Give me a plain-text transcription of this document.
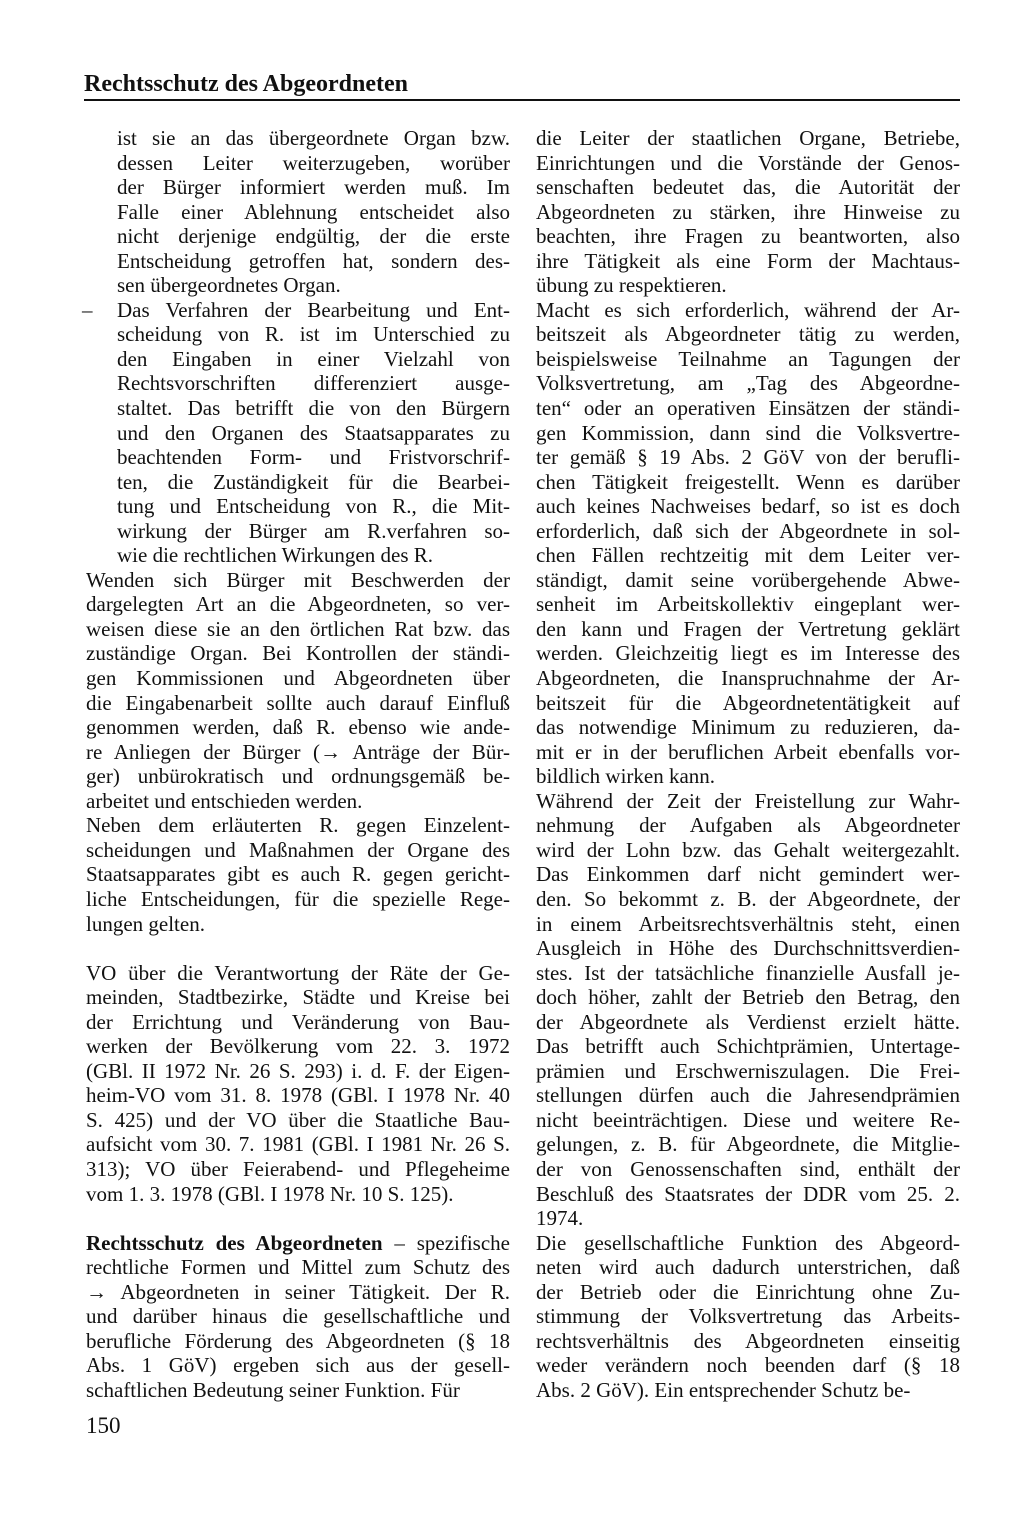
Rechtsschutz des Abgeordneten
ist sie an das übergeordnete Organ bzw.
dessen Leiter weiterzugeben, worüber
der Bürger informiert werden muß. Im
Falle einer Ablehnung entscheidet also
nicht derjenige endgültig, der die erste
Entscheidung getroffen hat, sondern des-
sen übergeordnetes Organ.
– Das Verfahren der Bearbeitung und Ent-
scheidung von R. ist im Unterschied zu
den Eingaben in einer Vielzahl von
Rechtsvorschriften differenziert ausge-
staltet. Das betrifft die von den Bürgern
und den Organen des Staatsapparates zu
beachtenden Form- und Fristvorschrif-
ten, die Zuständigkeit für die Bearbei-
tung und Entscheidung von R., die Mit-
wirkung der Bürger am R.verfahren so-
wie die rechtlichen Wirkungen des R.
Wenden sich Bürger mit Beschwerden der
dargelegten Art an die Abgeordneten, so ver-
weisen diese sie an den örtlichen Rat bzw. das
zuständige Organ. Bei Kontrollen der ständi-
gen Kommissionen und Abgeordneten über
die Eingabenarbeit sollte auch darauf Einfluß
genommen werden, daß R. ebenso wie ande-
re Anliegen der Bürger (→ Anträge der Bür-
ger) unbürokratisch und ordnungsgemäß be-
arbeitet und entschieden werden.
Neben dem erläuterten R. gegen Einzelent-
scheidungen und Maßnahmen der Organe des
Staatsapparates gibt es auch R. gegen gericht-
liche Entscheidungen, für die spezielle Rege-
lungen gelten.
VO über die Verantwortung der Räte der Ge-
meinden, Stadtbezirke, Städte und Kreise bei
der Errichtung und Veränderung von Bau-
werken der Bevölkerung vom 22. 3. 1972
(GBl. II 1972 Nr. 26 S. 293) i. d. F. der Eigen-
heim-VO vom 31. 8. 1978 (GBl. I 1978 Nr. 40
S. 425) und der VO über die Staatliche Bau-
aufsicht vom 30. 7. 1981 (GBl. I 1981 Nr. 26 S.
313); VO über Feierabend- und Pflegeheime
vom 1. 3. 1978 (GBl. I 1978 Nr. 10 S. 125).
Rechtsschutz des Abgeordneten – spezifische
rechtliche Formen und Mittel zum Schutz des
→ Abgeordneten in seiner Tätigkeit. Der R.
und darüber hinaus die gesellschaftliche und
berufliche Förderung des Abgeordneten (§ 18
Abs. 1 GöV) ergeben sich aus der gesell-
schaftlichen Bedeutung seiner Funktion. Für
die Leiter der staatlichen Organe, Betriebe,
Einrichtungen und die Vorstände der Genos-
senschaften bedeutet das, die Autorität der
Abgeordneten zu stärken, ihre Hinweise zu
beachten, ihre Fragen zu beantworten, also
ihre Tätigkeit als eine Form der Machtaus-
übung zu respektieren.
Macht es sich erforderlich, während der Ar-
beitszeit als Abgeordneter tätig zu werden,
beispielsweise Teilnahme an Tagungen der
Volksvertretung, am „Tag des Abgeordne-
ten“ oder an operativen Einsätzen der ständi-
gen Kommission, dann sind die Volksvertre-
ter gemäß § 19 Abs. 2 GöV von der berufli-
chen Tätigkeit freigestellt. Wenn es darüber
auch keines Nachweises bedarf, so ist es doch
erforderlich, daß sich der Abgeordnete in sol-
chen Fällen rechtzeitig mit dem Leiter ver-
ständigt, damit seine vorübergehende Abwe-
senheit im Arbeitskollektiv eingeplant wer-
den kann und Fragen der Vertretung geklärt
werden. Gleichzeitig liegt es im Interesse des
Abgeordneten, die Inanspruchnahme der Ar-
beitszeit für die Abgeordnetentätigkeit auf
das notwendige Minimum zu reduzieren, da-
mit er in der beruflichen Arbeit ebenfalls vor-
bildlich wirken kann.
Während der Zeit der Freistellung zur Wahr-
nehmung der Aufgaben als Abgeordneter
wird der Lohn bzw. das Gehalt weitergezahlt.
Das Einkommen darf nicht gemindert wer-
den. So bekommt z. B. der Abgeordnete, der
in einem Arbeitsrechtsverhältnis steht, einen
Ausgleich in Höhe des Durchschnittsverdien-
stes. Ist der tatsächliche finanzielle Ausfall je-
doch höher, zahlt der Betrieb den Betrag, den
der Abgeordnete als Verdienst erzielt hätte.
Das betrifft auch Schichtprämien, Untertage-
prämien und Erschwerniszulagen. Die Frei-
stellungen dürfen auch die Jahresendprämien
nicht beeinträchtigen. Diese und weitere Re-
gelungen, z. B. für Abgeordnete, die Mitglie-
der von Genossenschaften sind, enthält der
Beschluß des Staatsrates der DDR vom 25. 2.
1974.
Die gesellschaftliche Funktion des Abgeord-
neten wird auch dadurch unterstrichen, daß
der Betrieb oder die Einrichtung ohne Zu-
stimmung der Volksvertretung das Arbeits-
rechtsverhältnis des Abgeordneten einseitig
weder verändern noch beenden darf (§ 18
Abs. 2 GöV). Ein entsprechender Schutz be-
150
